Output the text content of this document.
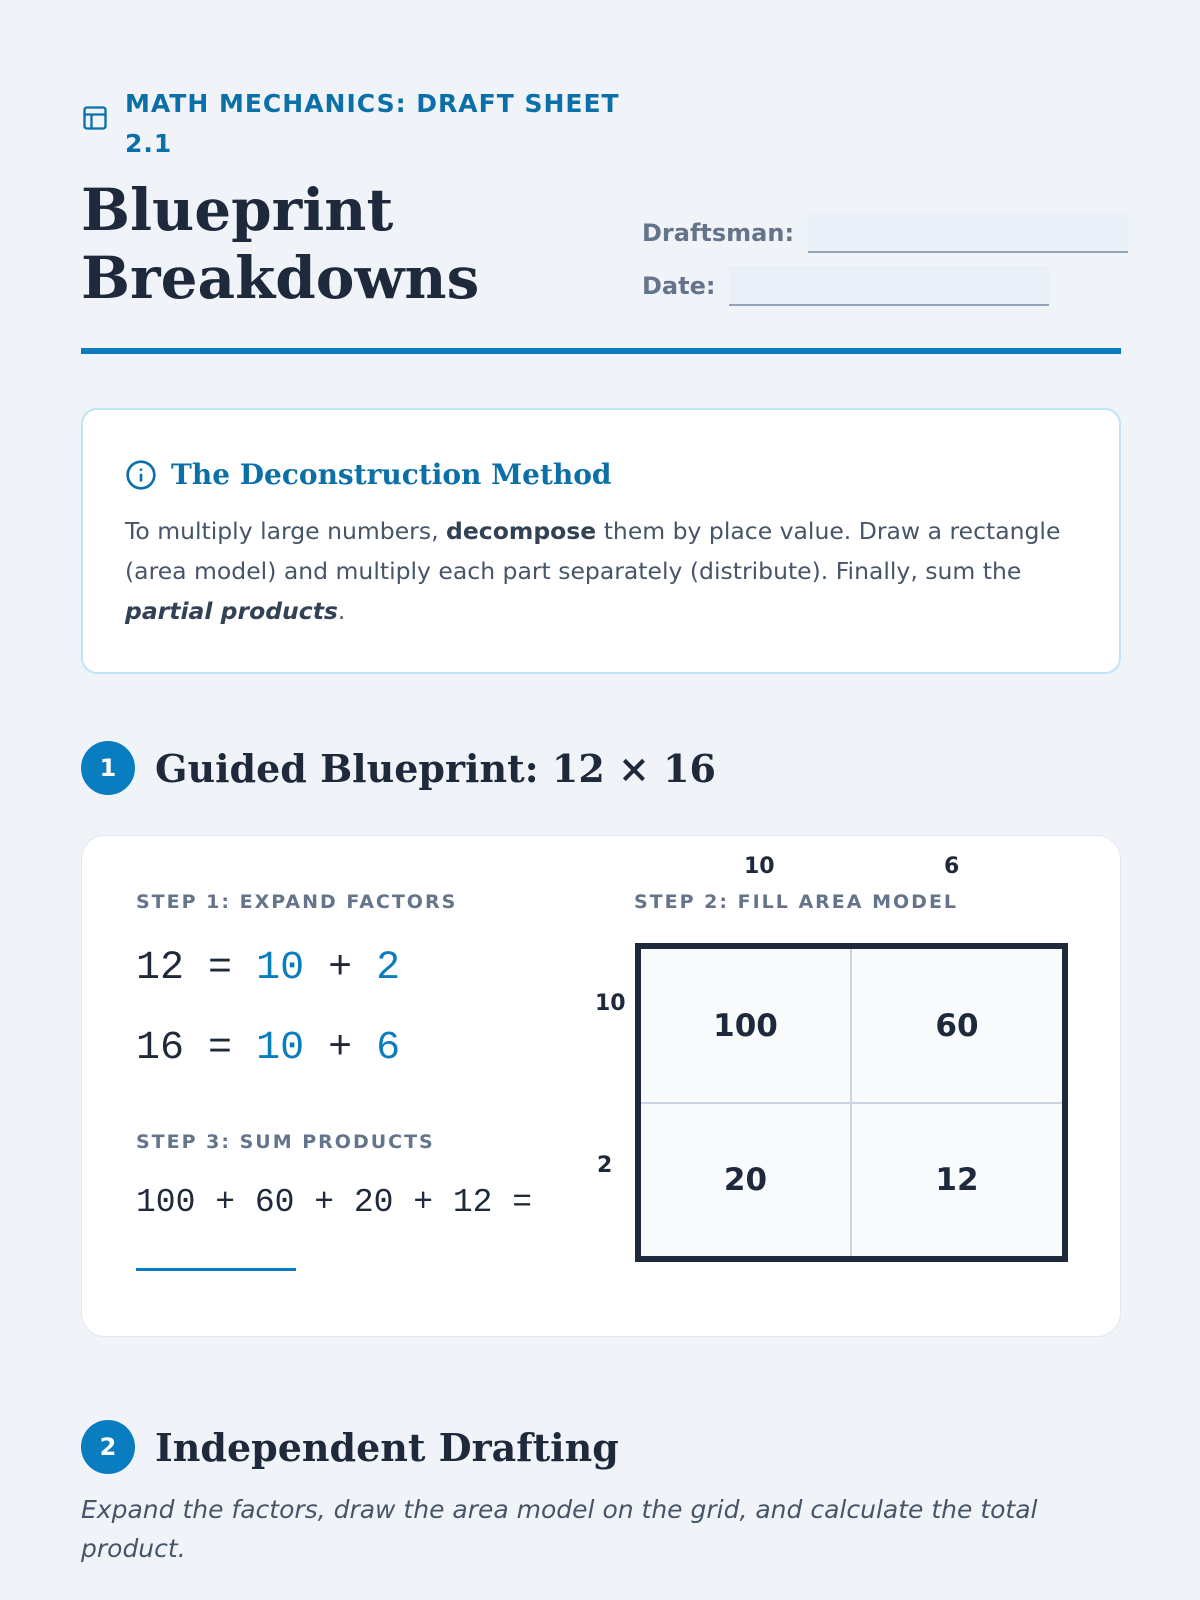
MATH MECHANICS: DRAFT SHEET 2.1
Blueprint
Breakdowns
Draftsman:
Date:
The Deconstruction Method

To multiply large numbers, decompose them by place value. Draw a rectangle (area model) and multiply each part separately (distribute). Finally, sum the partial products.

1	Guided Blueprint: 12 × 16
STEP 1: EXPAND FACTORS
12 = 10 + 2
16 = 10 + 6
STEP 3: SUM PRODUCTS
100 + 60 + 20 + 12 =
STEP 2: FILL AREA MODEL
10	6
10
2
100	60
20	12
2	Independent Drafting

Expand the factors, draw the area model on the grid, and calculate the total product.
